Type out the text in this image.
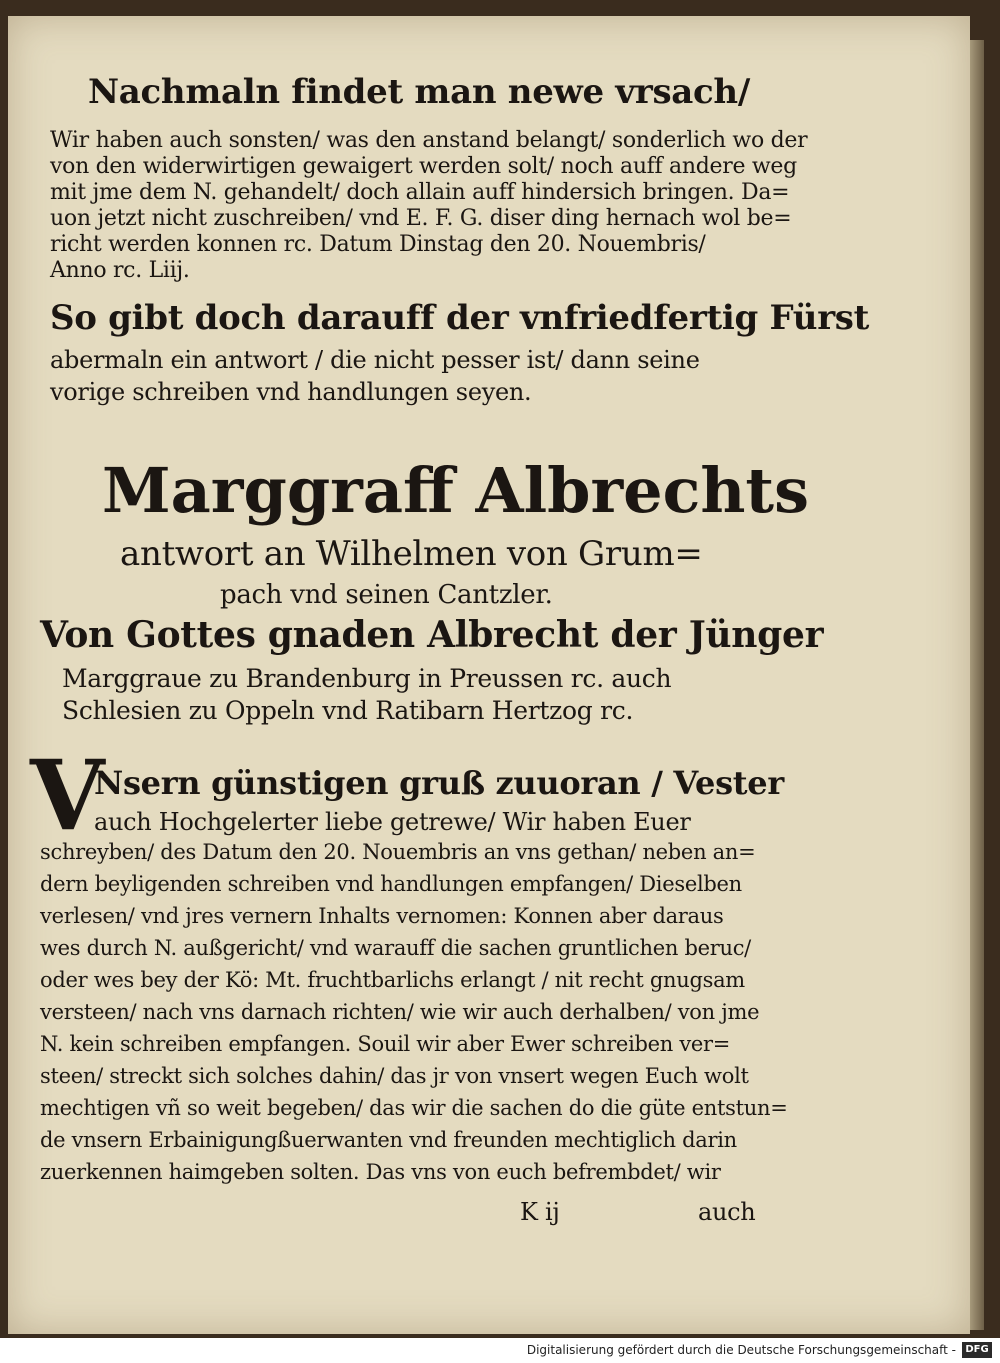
Nachmaln findet man newe vrsach/

Wir haben auch sonsten/ was den anstand belangt/ sonderlich wo der

von den widerwirtigen gewaigert werden solt/ noch auff andere weg

mit jme dem N. gehandelt/ doch allain auff hindersich bringen. Da=

uon jetzt nicht zuschreiben/ vnd E. F. G. diser ding hernach wol be=

richt werden konnen rc. Datum Dinstag den 20. Nouembris/

Anno rc. Liij.

So gibt doch darauff der vnfriedfertig Fürst

abermaln ein antwort / die nicht pesser ist/ dann seine

vorige schreiben vnd handlungen seyen.

Marggraff Albrechts

antwort an Wilhelmen von Grum=

pach vnd seinen Cantzler.

Von Gottes gnaden Albrecht der Jünger

Marggraue zu Brandenburg in Preussen rc. auch

Schlesien zu Oppeln vnd Ratibarn Hertzog rc.

V

Nsern günstigen gruß zuuoran / Vester

auch Hochgelerter liebe getrewe/ Wir haben Euer

schreyben/ des Datum den 20. Nouembris an vns gethan/ neben an=

dern beyligenden schreiben vnd handlungen empfangen/ Dieselben

verlesen/ vnd jres vernern Inhalts vernomen: Konnen aber daraus

wes durch N. außgericht/ vnd warauff die sachen gruntlichen beruc/

oder wes bey der Kö: Mt. fruchtbarlichs erlangt / nit recht gnugsam

versteen/ nach vns darnach richten/ wie wir auch derhalben/ von jme

N. kein schreiben empfangen. Souil wir aber Ewer schreiben ver=

steen/ streckt sich solches dahin/ das jr von vnsert wegen Euch wolt

mechtigen vñ so weit begeben/ das wir die sachen do die güte entstun=

de vnsern Erbainigungßuerwanten vnd freunden mechtiglich darin

zuerkennen haimgeben solten. Das vns von euch befrembdet/ wir

K ij	auch

Digitalisierung gefördert durch die Deutsche Forschungsgemeinschaft - DFG
